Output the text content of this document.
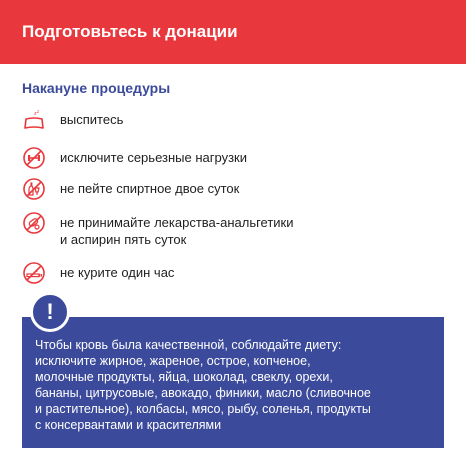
Подготовьтесь к донации
Накануне процедуры
z z
выспитесь
исключите серьезные нагрузки
не пейте спиртное двое суток
не принимайте лекарства-анальгетики
и аспирин пять суток
не курите один час
Чтобы кровь была качественной, соблюдайте диету:
исключите жирное, жареное, острое, копченое,
молочные продукты, яйца, шоколад, свеклу, орехи,
бананы, цитрусовые, авокадо, финики, масло (сливочное
и растительное), колбасы, мясо, рыбу, соленья, продукты
с консервантами и красителями
!
